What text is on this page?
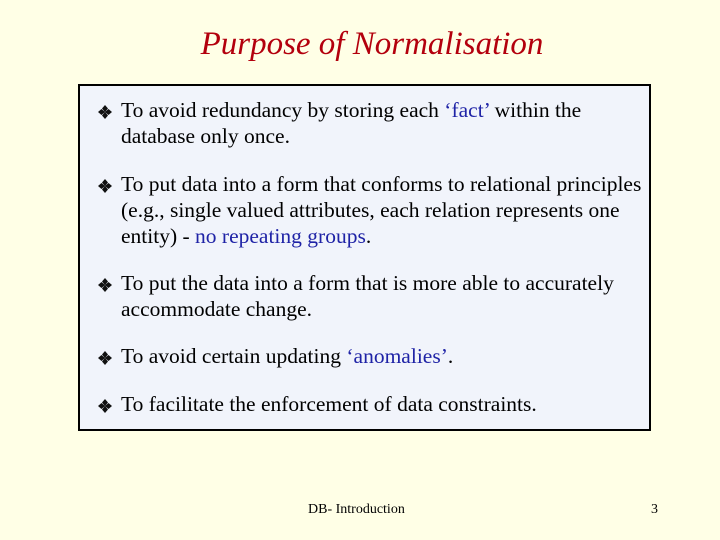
Purpose of Normalisation
To avoid redundancy by storing each ‘fact’ within the database only once.
To put data into a form that conforms to relational principles (e.g., single valued attributes, each relation represents one entity) - no repeating groups.
To put the data into a form that is more able to accurately accommodate change.
To avoid certain updating ‘anomalies’.
To facilitate the enforcement of data constraints.
DB- Introduction	3
